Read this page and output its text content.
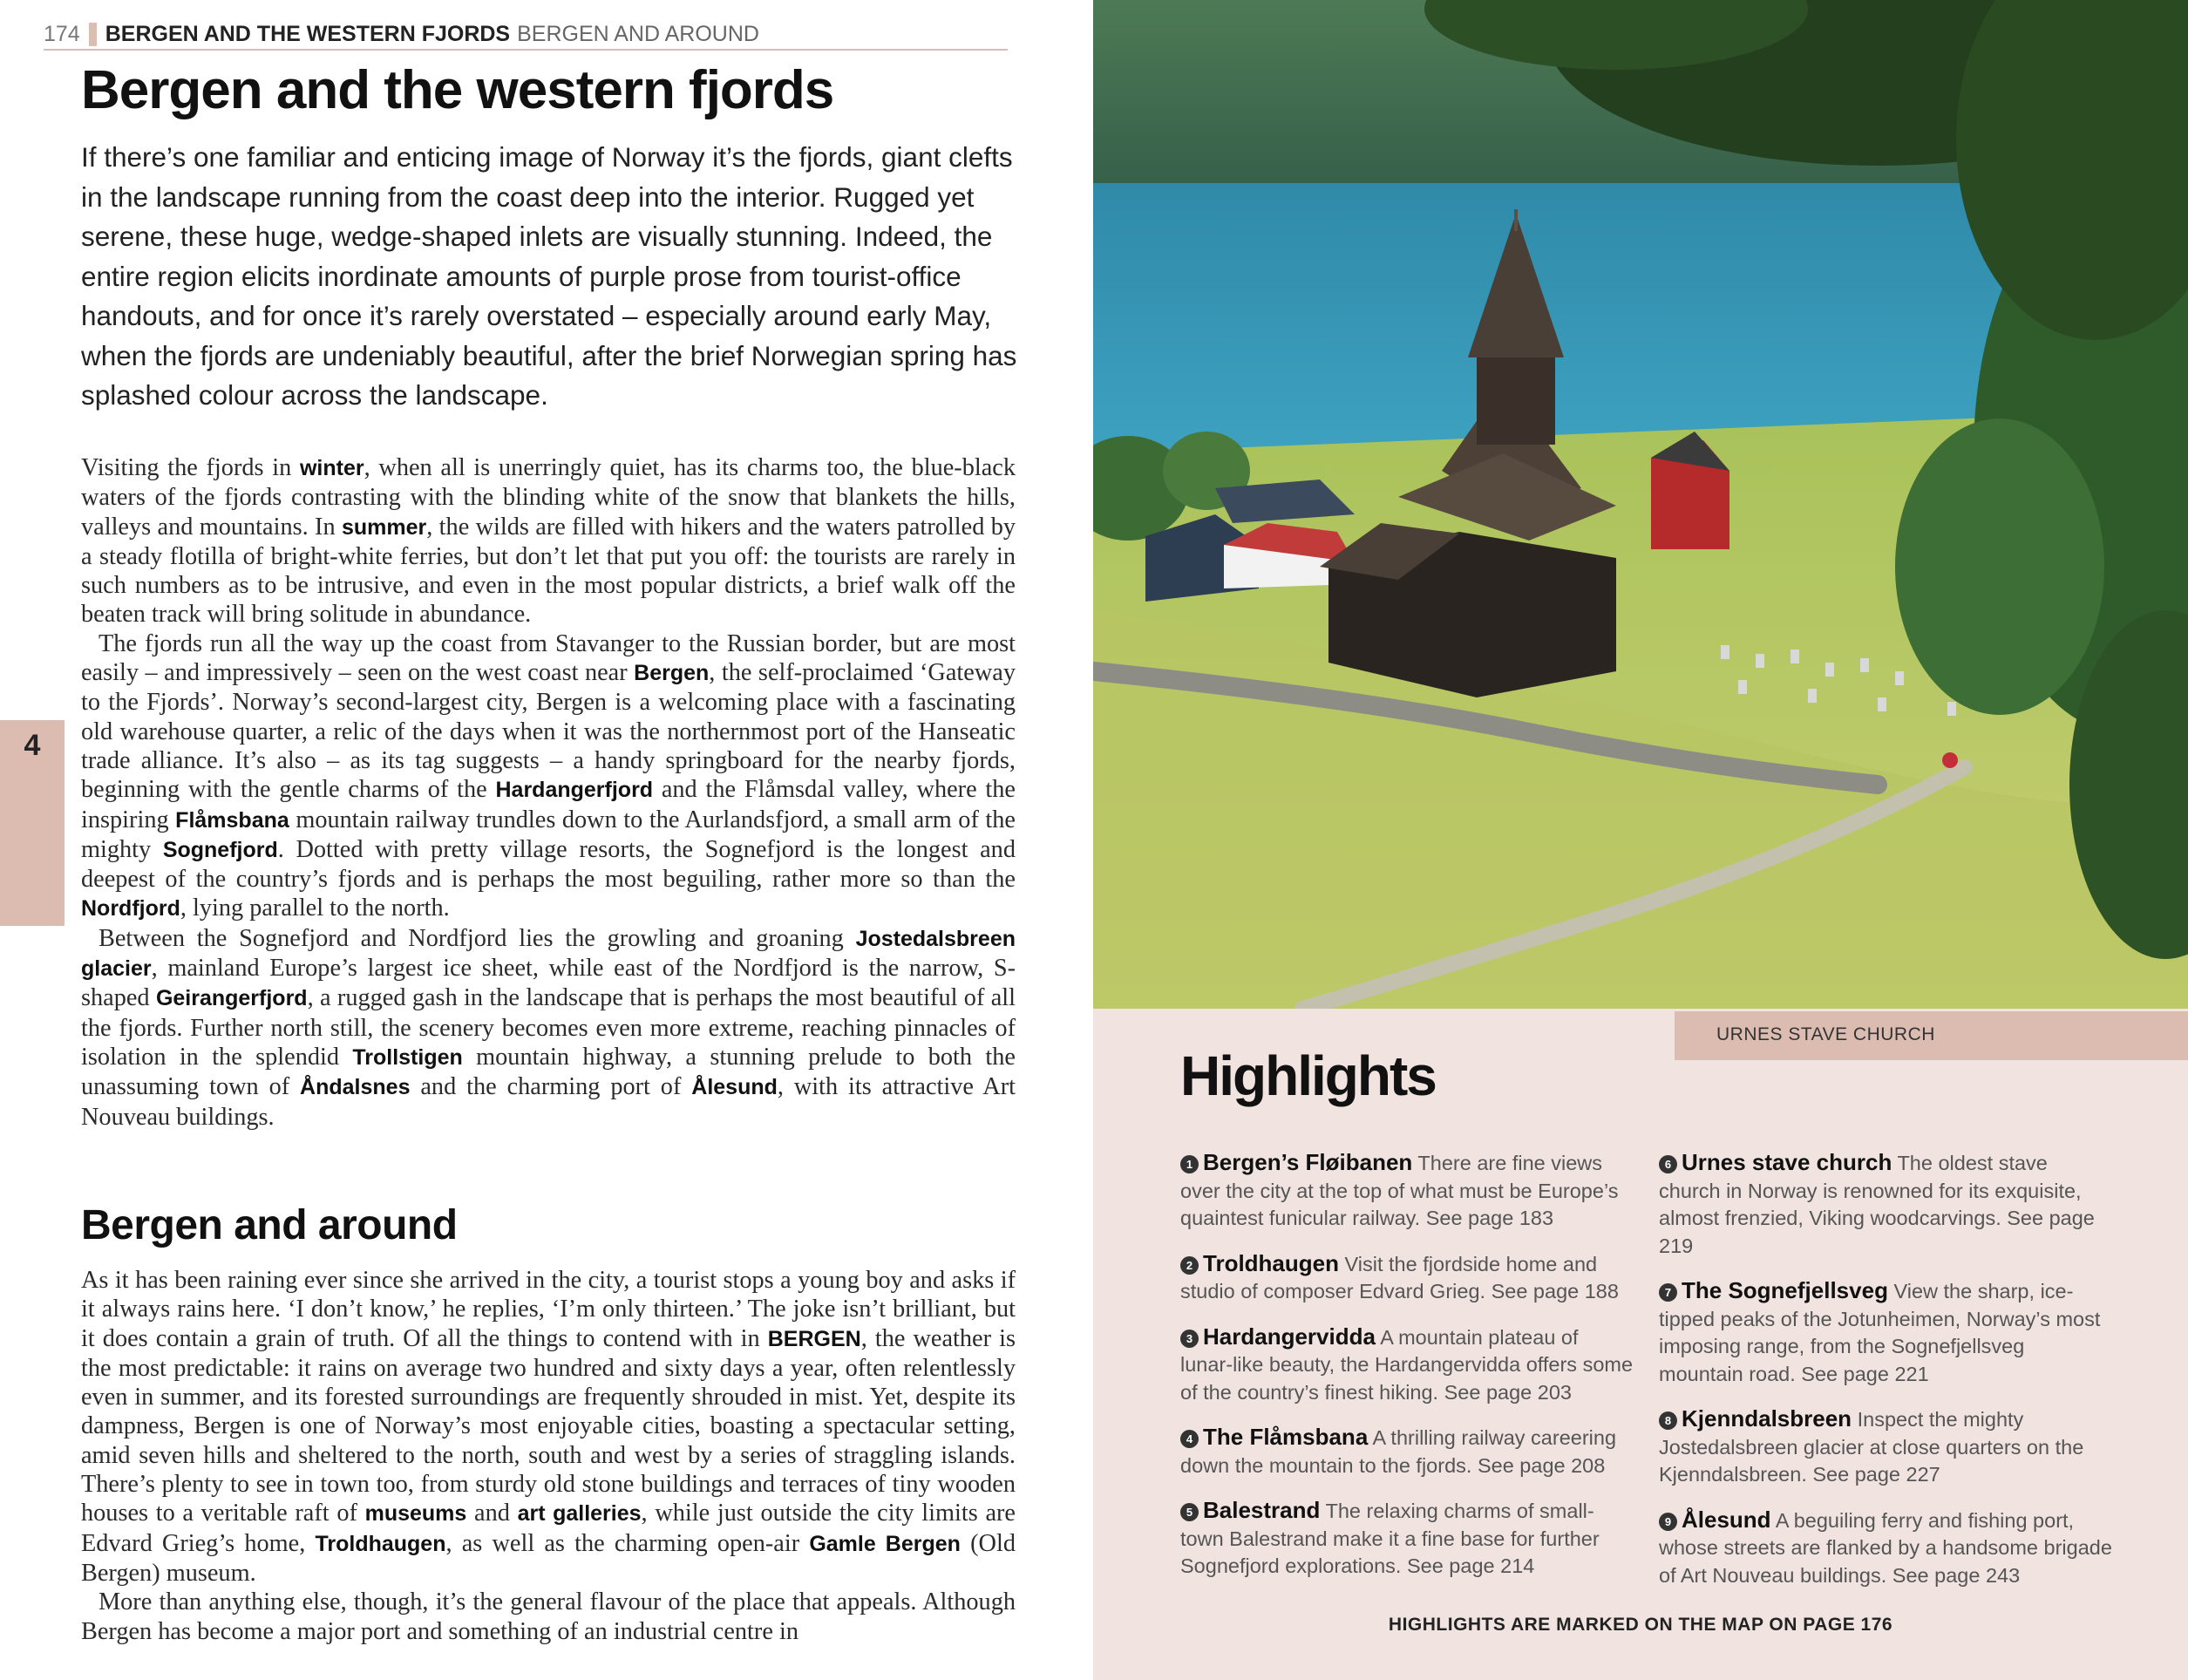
174 BERGEN AND THE WESTERN FJORDS BERGEN AND AROUND
Bergen and the western fjords

If there’s one familiar and enticing image of Norway it’s the fjords, giant clefts in the landscape running from the coast deep into the interior. Rugged yet serene, these huge, wedge-shaped inlets are visually stunning. Indeed, the entire region elicits inordinate amounts of purple prose from tourist-office handouts, and for once it’s rarely overstated – especially around early May, when the fjords are undeniably beautiful, after the brief Norwegian spring has splashed colour across the landscape.

Visiting the fjords in winter, when all is unerringly quiet, has its charms too, the blue-black waters of the fjords contrasting with the blinding white of the snow that blankets the hills, valleys and mountains. In summer, the wilds are filled with hikers and the waters patrolled by a steady flotilla of bright-white ferries, but don’t let that put you off: the tourists are rarely in such numbers as to be intrusive, and even in the most popular districts, a brief walk off the beaten track will bring solitude in abundance.

The fjords run all the way up the coast from Stavanger to the Russian border, but are most easily – and impressively – seen on the west coast near Bergen, the self-proclaimed ‘Gateway to the Fjords’. Norway’s second-largest city, Bergen is a welcoming place with a fascinating old warehouse quarter, a relic of the days when it was the northernmost port of the Hanseatic trade alliance. It’s also – as its tag suggests – a handy springboard for the nearby fjords, beginning with the gentle charms of the Hardangerfjord and the Flåmsdal valley, where the inspiring Flåmsbana mountain railway trundles down to the Aurlandsfjord, a small arm of the mighty Sognefjord. Dotted with pretty village resorts, the Sognefjord is the longest and deepest of the country’s fjords and is perhaps the most beguiling, rather more so than the Nordfjord, lying parallel to the north.

Between the Sognefjord and Nordfjord lies the growling and groaning Jostedalsbreen glacier, mainland Europe’s largest ice sheet, while east of the Nordfjord is the narrow, S-shaped Geirangerfjord, a rugged gash in the landscape that is perhaps the most beautiful of all the fjords. Further north still, the scenery becomes even more extreme, reaching pinnacles of isolation in the splendid Trollstigen mountain highway, a stunning prelude to both the unassuming town of Åndalsnes and the charming port of Ålesund, with its attractive Art Nouveau buildings.

Bergen and around

As it has been raining ever since she arrived in the city, a tourist stops a young boy and asks if it always rains here. ‘I don’t know,’ he replies, ‘I’m only thirteen.’ The joke isn’t brilliant, but it does contain a grain of truth. Of all the things to contend with in BERGEN, the weather is the most predictable: it rains on average two hundred and sixty days a year, often relentlessly even in summer, and its forested surroundings are frequently shrouded in mist. Yet, despite its dampness, Bergen is one of Norway’s most enjoyable cities, boasting a spectacular setting, amid seven hills and sheltered to the north, south and west by a series of straggling islands. There’s plenty to see in town too, from sturdy old stone buildings and terraces of tiny wooden houses to a veritable raft of museums and art galleries, while just outside the city limits are Edvard Grieg’s home, Troldhaugen, as well as the charming open-air Gamle Bergen (Old Bergen) museum.

More than anything else, though, it’s the general flavour of the place that appeals. Although Bergen has become a major port and something of an industrial centre in

4
URNES STAVE CHURCH
Highlights

1 Bergen’s Fløibanen There are fine views over the city at the top of what must be Europe’s quaintest funicular railway. See page 183

2 Troldhaugen Visit the fjordside home and studio of composer Edvard Grieg. See page 188

3 Hardangervidda A mountain plateau of lunar-like beauty, the Hardangervidda offers some of the country’s finest hiking. See page 203

4 The Flåmsbana A thrilling railway careering down the mountain to the fjords. See page 208

5 Balestrand The relaxing charms of small-town Balestrand make it a fine base for further Sognefjord explorations. See page 214

6 Urnes stave church The oldest stave church in Norway is renowned for its exquisite, almost frenzied, Viking woodcarvings. See page 219

7 The Sognefjellsveg View the sharp, ice-tipped peaks of the Jotunheimen, Norway’s most imposing range, from the Sognefjellsveg mountain road. See page 221

8 Kjenndalsbreen Inspect the mighty Jostedalsbreen glacier at close quarters on the Kjenndalsbreen. See page 227

9 Ålesund A beguiling ferry and fishing port, whose streets are flanked by a handsome brigade of Art Nouveau buildings. See page 243

HIGHLIGHTS ARE MARKED ON THE MAP ON PAGE 176
